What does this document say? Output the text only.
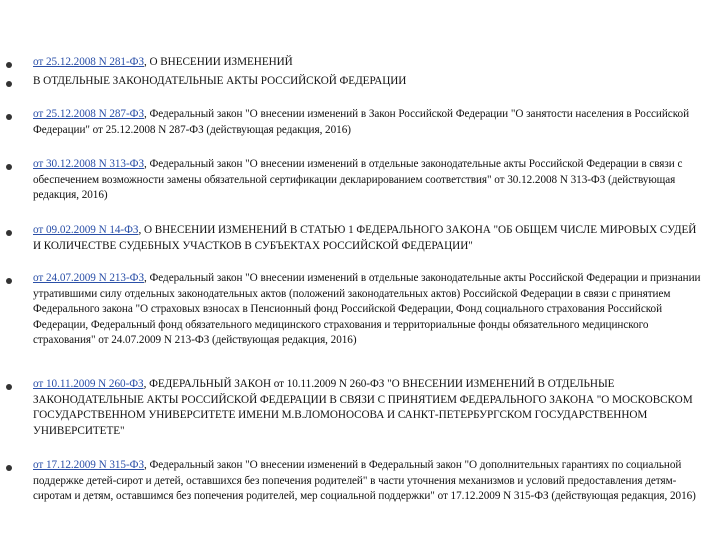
от 25.12.2008 N 281-ФЗ, О ВНЕСЕНИИ ИЗМЕНЕНИЙ
В ОТДЕЛЬНЫЕ ЗАКОНОДАТЕЛЬНЫЕ АКТЫ РОССИЙСКОЙ ФЕДЕРАЦИИ
от 25.12.2008 N 287-ФЗ, Федеральный закон "О внесении изменений в Закон Российской Федерации "О занятости населения в Российской Федерации" от 25.12.2008 N 287-ФЗ (действующая редакция, 2016)
от 30.12.2008 N 313-ФЗ, Федеральный закон "О внесении изменений в отдельные законодательные акты Российской Федерации в связи с обеспечением возможности замены обязательной сертификации декларированием соответствия" от 30.12.2008 N 313-ФЗ (действующая редакция, 2016)
от 09.02.2009 N 14-ФЗ, О ВНЕСЕНИИ ИЗМЕНЕНИЙ В СТАТЬЮ 1 ФЕДЕРАЛЬНОГО ЗАКОНА "ОБ ОБЩЕМ ЧИСЛЕ МИРОВЫХ СУДЕЙ И КОЛИЧЕСТВЕ СУДЕБНЫХ УЧАСТКОВ В СУБЪЕКТАХ РОССИЙСКОЙ ФЕДЕРАЦИИ"
от 24.07.2009 N 213-ФЗ, Федеральный закон "О внесении изменений в отдельные законодательные акты Российской Федерации и признании утратившими силу отдельных законодательных актов (положений законодательных актов) Российской Федерации в связи с принятием Федерального закона "О страховых взносах в Пенсионный фонд Российской Федерации, Фонд социального страхования Российской Федерации, Федеральный фонд обязательного медицинского страхования и территориальные фонды обязательного медицинского страхования" от 24.07.2009 N 213-ФЗ (действующая редакция, 2016)
от 10.11.2009 N 260-ФЗ, ФЕДЕРАЛЬНЫЙ ЗАКОН от 10.11.2009 N 260-ФЗ "О ВНЕСЕНИИ ИЗМЕНЕНИЙ В ОТДЕЛЬНЫЕ ЗАКОНОДАТЕЛЬНЫЕ АКТЫ РОССИЙСКОЙ ФЕДЕРАЦИИ В СВЯЗИ С ПРИНЯТИЕМ ФЕДЕРАЛЬНОГО ЗАКОНА "О МОСКОВСКОМ ГОСУДАРСТВЕННОМ УНИВЕРСИТЕТЕ ИМЕНИ М.В.ЛОМОНОСОВА И САНКТ-ПЕТЕРБУРГСКОМ ГОСУДАРСТВЕННОМ УНИВЕРСИТЕТЕ"
от 17.12.2009 N 315-ФЗ, Федеральный закон "О внесении изменений в Федеральный закон "О дополнительных гарантиях по социальной поддержке детей-сирот и детей, оставшихся без попечения родителей" в части уточнения механизмов и условий предоставления детям-сиротам и детям, оставшимся без попечения родителей, мер социальной поддержки" от 17.12.2009 N 315-ФЗ (действующая редакция, 2016)
